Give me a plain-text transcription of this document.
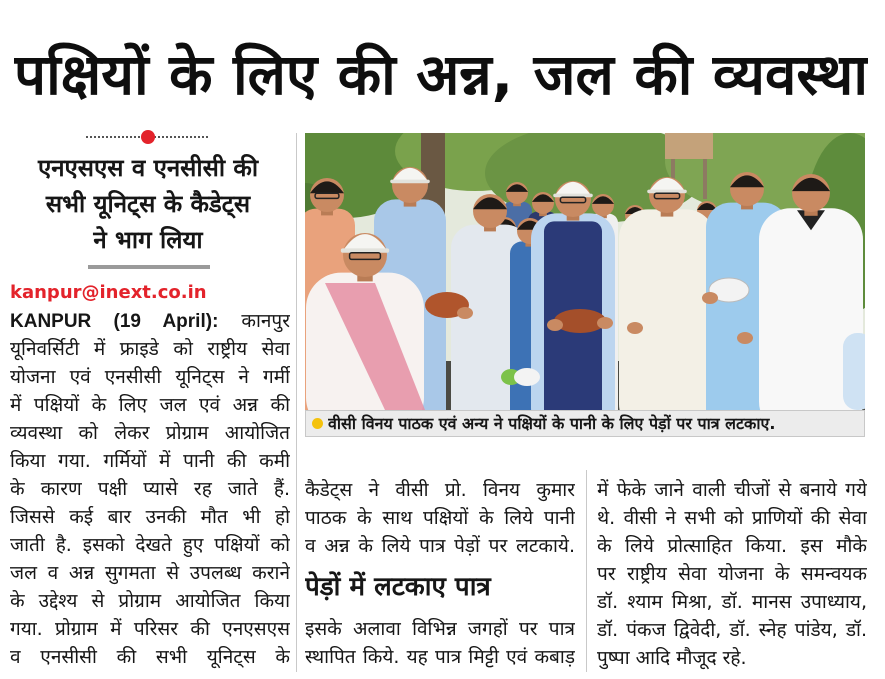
पक्षियों के लिए की अन्न, जल की व्यवस्था
एनएसएस व एनसीसी की
सभी यूनिट्स के कैडेट्स
ने भाग लिया
kanpur@inext.co.in
KANPUR (19 April): कानपुर
यूनिवर्सिटी में फ्राइडे को राष्ट्रीय सेवा
योजना एवं एनसीसी यूनिट्स ने गर्मी
में पक्षियों के लिए जल एवं अन्न की
व्यवस्था को लेकर प्रोग्राम आयोजित
किया गया. गर्मियों में पानी की कमी
के कारण पक्षी प्यासे रह जाते हैं.
जिससे कई बार उनकी मौत भी हो
जाती है. इसको देखते हुए पक्षियों को
जल व अन्न सुगमता से उपलब्ध कराने
के उद्देश्य से प्रोग्राम आयोजित किया
गया. प्रोग्राम में परिसर की एनएसएस
व एनसीसी की सभी यूनिट्स के
वीसी विनय पाठक एवं अन्य ने पक्षियों के पानी के लिए पेड़ों पर पात्र लटकाए.
कैडेट्स ने वीसी प्रो. विनय कुमार
पाठक के साथ पक्षियों के लिये पानी
व अन्न के लिये पात्र पेड़ों पर लटकाये.
पेड़ों में लटकाए पात्र
इसके अलावा विभिन्न जगहों पर पात्र
स्थापित किये. यह पात्र मिट्टी एवं कबाड़
में फेके जाने वाली चीजों से बनाये गये
थे. वीसी ने सभी को प्राणियों की सेवा
के लिये प्रोत्साहित किया. इस मौके
पर राष्ट्रीय सेवा योजना के समन्वयक
डॉ. श्याम मिश्रा, डॉ. मानस उपाध्याय,
डॉ. पंकज द्विवेदी, डॉ. स्नेह पांडेय, डॉ.
पुष्पा आदि मौजूद रहे.
